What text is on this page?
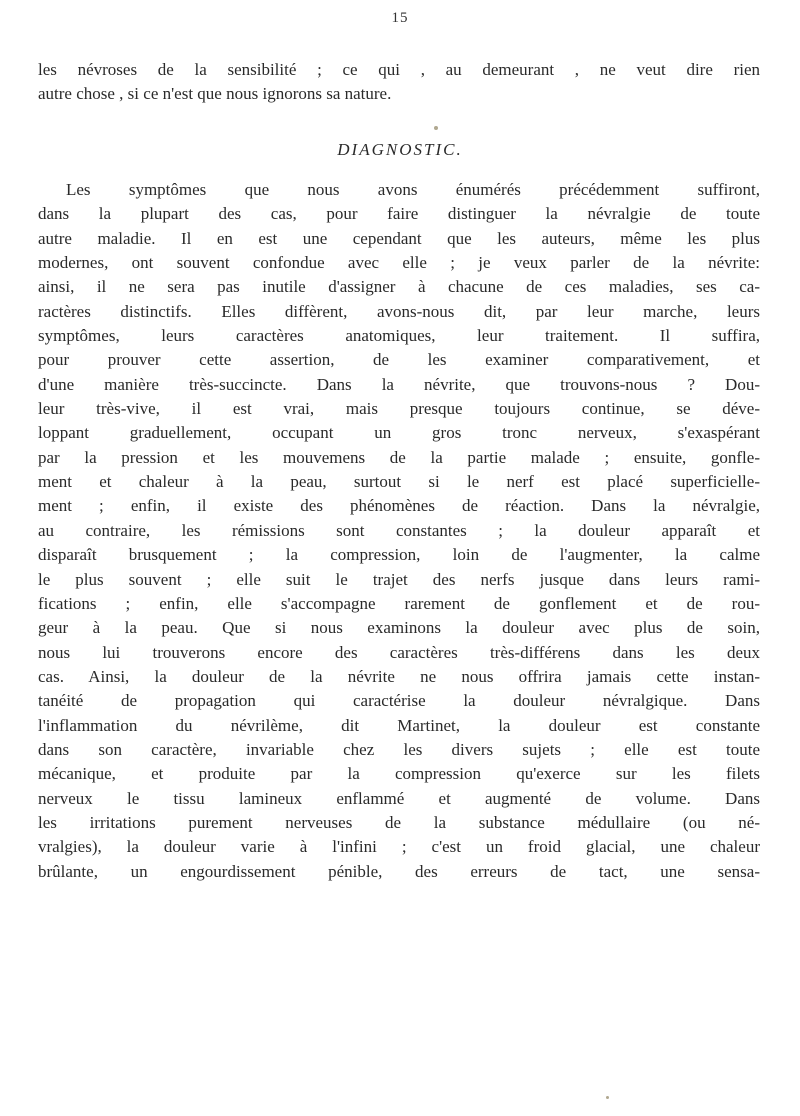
15
les névroses de la sensibilité ; ce qui , au demeurant , ne veut dire rien
autre chose , si ce n'est que nous ignorons sa nature.
DIAGNOSTIC.
Les symptômes que nous avons énumérés précédemment suffiront,
dans la plupart des cas, pour faire distinguer la névralgie de toute
autre maladie. Il en est une cependant que les auteurs, même les plus
modernes, ont souvent confondue avec elle ; je veux parler de la névrite:
ainsi, il ne sera pas inutile d'assigner à chacune de ces maladies, ses ca-
ractères distinctifs. Elles diffèrent, avons-nous dit, par leur marche, leurs
symptômes, leurs caractères anatomiques, leur traitement. Il suffira,
pour prouver cette assertion, de les examiner comparativement, et
d'une manière très-succincte. Dans la névrite, que trouvons-nous ? Dou-
leur très-vive, il est vrai, mais presque toujours continue, se déve-
loppant graduellement, occupant un gros tronc nerveux, s'exaspérant
par la pression et les mouvemens de la partie malade ; ensuite, gonfle-
ment et chaleur à la peau, surtout si le nerf est placé superficielle-
ment ; enfin, il existe des phénomènes de réaction. Dans la névralgie,
au contraire, les rémissions sont constantes ; la douleur apparaît et
disparaît brusquement ; la compression, loin de l'augmenter, la calme
le plus souvent ; elle suit le trajet des nerfs jusque dans leurs rami-
fications ; enfin, elle s'accompagne rarement de gonflement et de rou-
geur à la peau. Que si nous examinons la douleur avec plus de soin,
nous lui trouverons encore des caractères très-différens dans les deux
cas. Ainsi, la douleur de la névrite ne nous offrira jamais cette instan-
tanéité de propagation qui caractérise la douleur névralgique. Dans
l'inflammation du névrilème, dit Martinet, la douleur est constante
dans son caractère, invariable chez les divers sujets ; elle est toute
mécanique, et produite par la compression qu'exerce sur les filets
nerveux le tissu lamineux enflammé et augmenté de volume. Dans
les irritations purement nerveuses de la substance médullaire (ou né-
vralgies), la douleur varie à l'infini ; c'est un froid glacial, une chaleur
brûlante, un engourdissement pénible, des erreurs de tact, une sensa-
